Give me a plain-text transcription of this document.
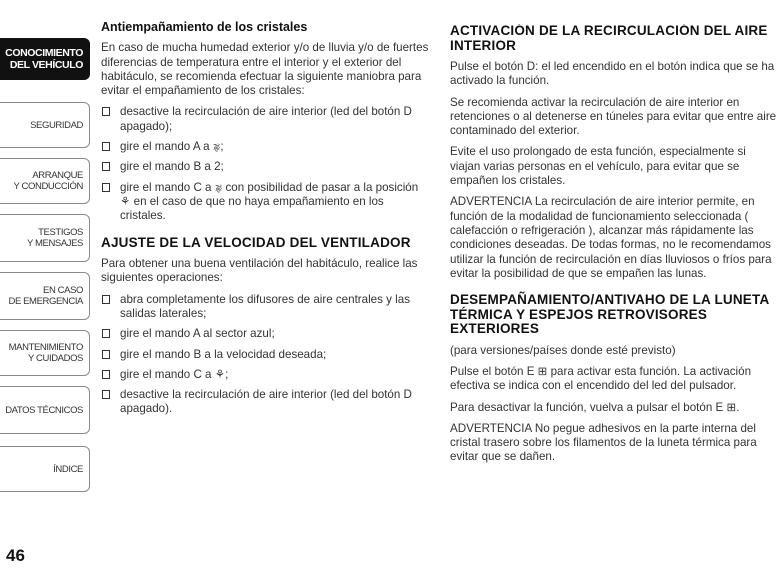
CONOCIMIENTO
DEL VEHÍCULO
SEGURIDAD
ARRANQUE
Y CONDUCCIÓN
TESTIGOS
Y MENSAJES
EN CASO
DE EMERGENCIA
MANTENIMIENTO
Y CUIDADOS
DATOS TÉCNICOS
ÍNDICE
46
Antiempañamiento de los cristales

En caso de mucha humedad exterior y/o de lluvia y/o de fuertes diferencias de temperatura entre el interior y el exterior del habitáculo, se recomienda efectuar la siguiente maniobra para evitar el empañamiento de los cristales:

desactive la recirculación de aire interior (led del botón D apagado);
gire el mando A a 🙖;
gire el mando B a 2;
gire el mando C a 🙖 con posibilidad de pasar a la posición ⚘ en el caso de que no haya empañamiento en los cristales.
AJUSTE DE LA VELOCIDAD DEL VENTILADOR

Para obtener una buena ventilación del habitáculo, realice las siguientes operaciones:

abra completamente los difusores de aire centrales y las salidas laterales;
gire el mando A al sector azul;
gire el mando B a la velocidad deseada;
gire el mando C a ⚘;
desactive la recirculación de aire interior (led del botón D apagado).
ACTIVACIÓN DE LA RECIRCULACIÓN DEL AIRE INTERIOR

Pulse el botón D: el led encendido en el botón indica que se ha activado la función.

Se recomienda activar la recirculación de aire interior en retenciones o al detenerse en túneles para evitar que entre aire contaminado del exterior.

Evite el uso prolongado de esta función, especialmente si viajan varias personas en el vehículo, para evitar que se empañen los cristales.

ADVERTENCIA La recirculación de aire interior permite, en función de la modalidad de funcionamiento seleccionada ( calefacción o refrigeración ), alcanzar más rápidamente las condiciones deseadas. De todas formas, no le recomendamos utilizar la función de recirculación en días lluviosos o fríos para evitar la posibilidad de que se empañen las lunas.

DESEMPAÑAMIENTO/ANTIVAHO DE LA LUNETA TÉRMICA Y ESPEJOS RETROVISORES EXTERIORES

(para versiones/países donde esté previsto)

Pulse el botón E ⊞ para activar esta función. La activación efectiva se indica con el encendido del led del pulsador.

Para desactivar la función, vuelva a pulsar el botón E ⊞.

ADVERTENCIA No pegue adhesivos en la parte interna del cristal trasero sobre los filamentos de la luneta térmica para evitar que se dañen.
